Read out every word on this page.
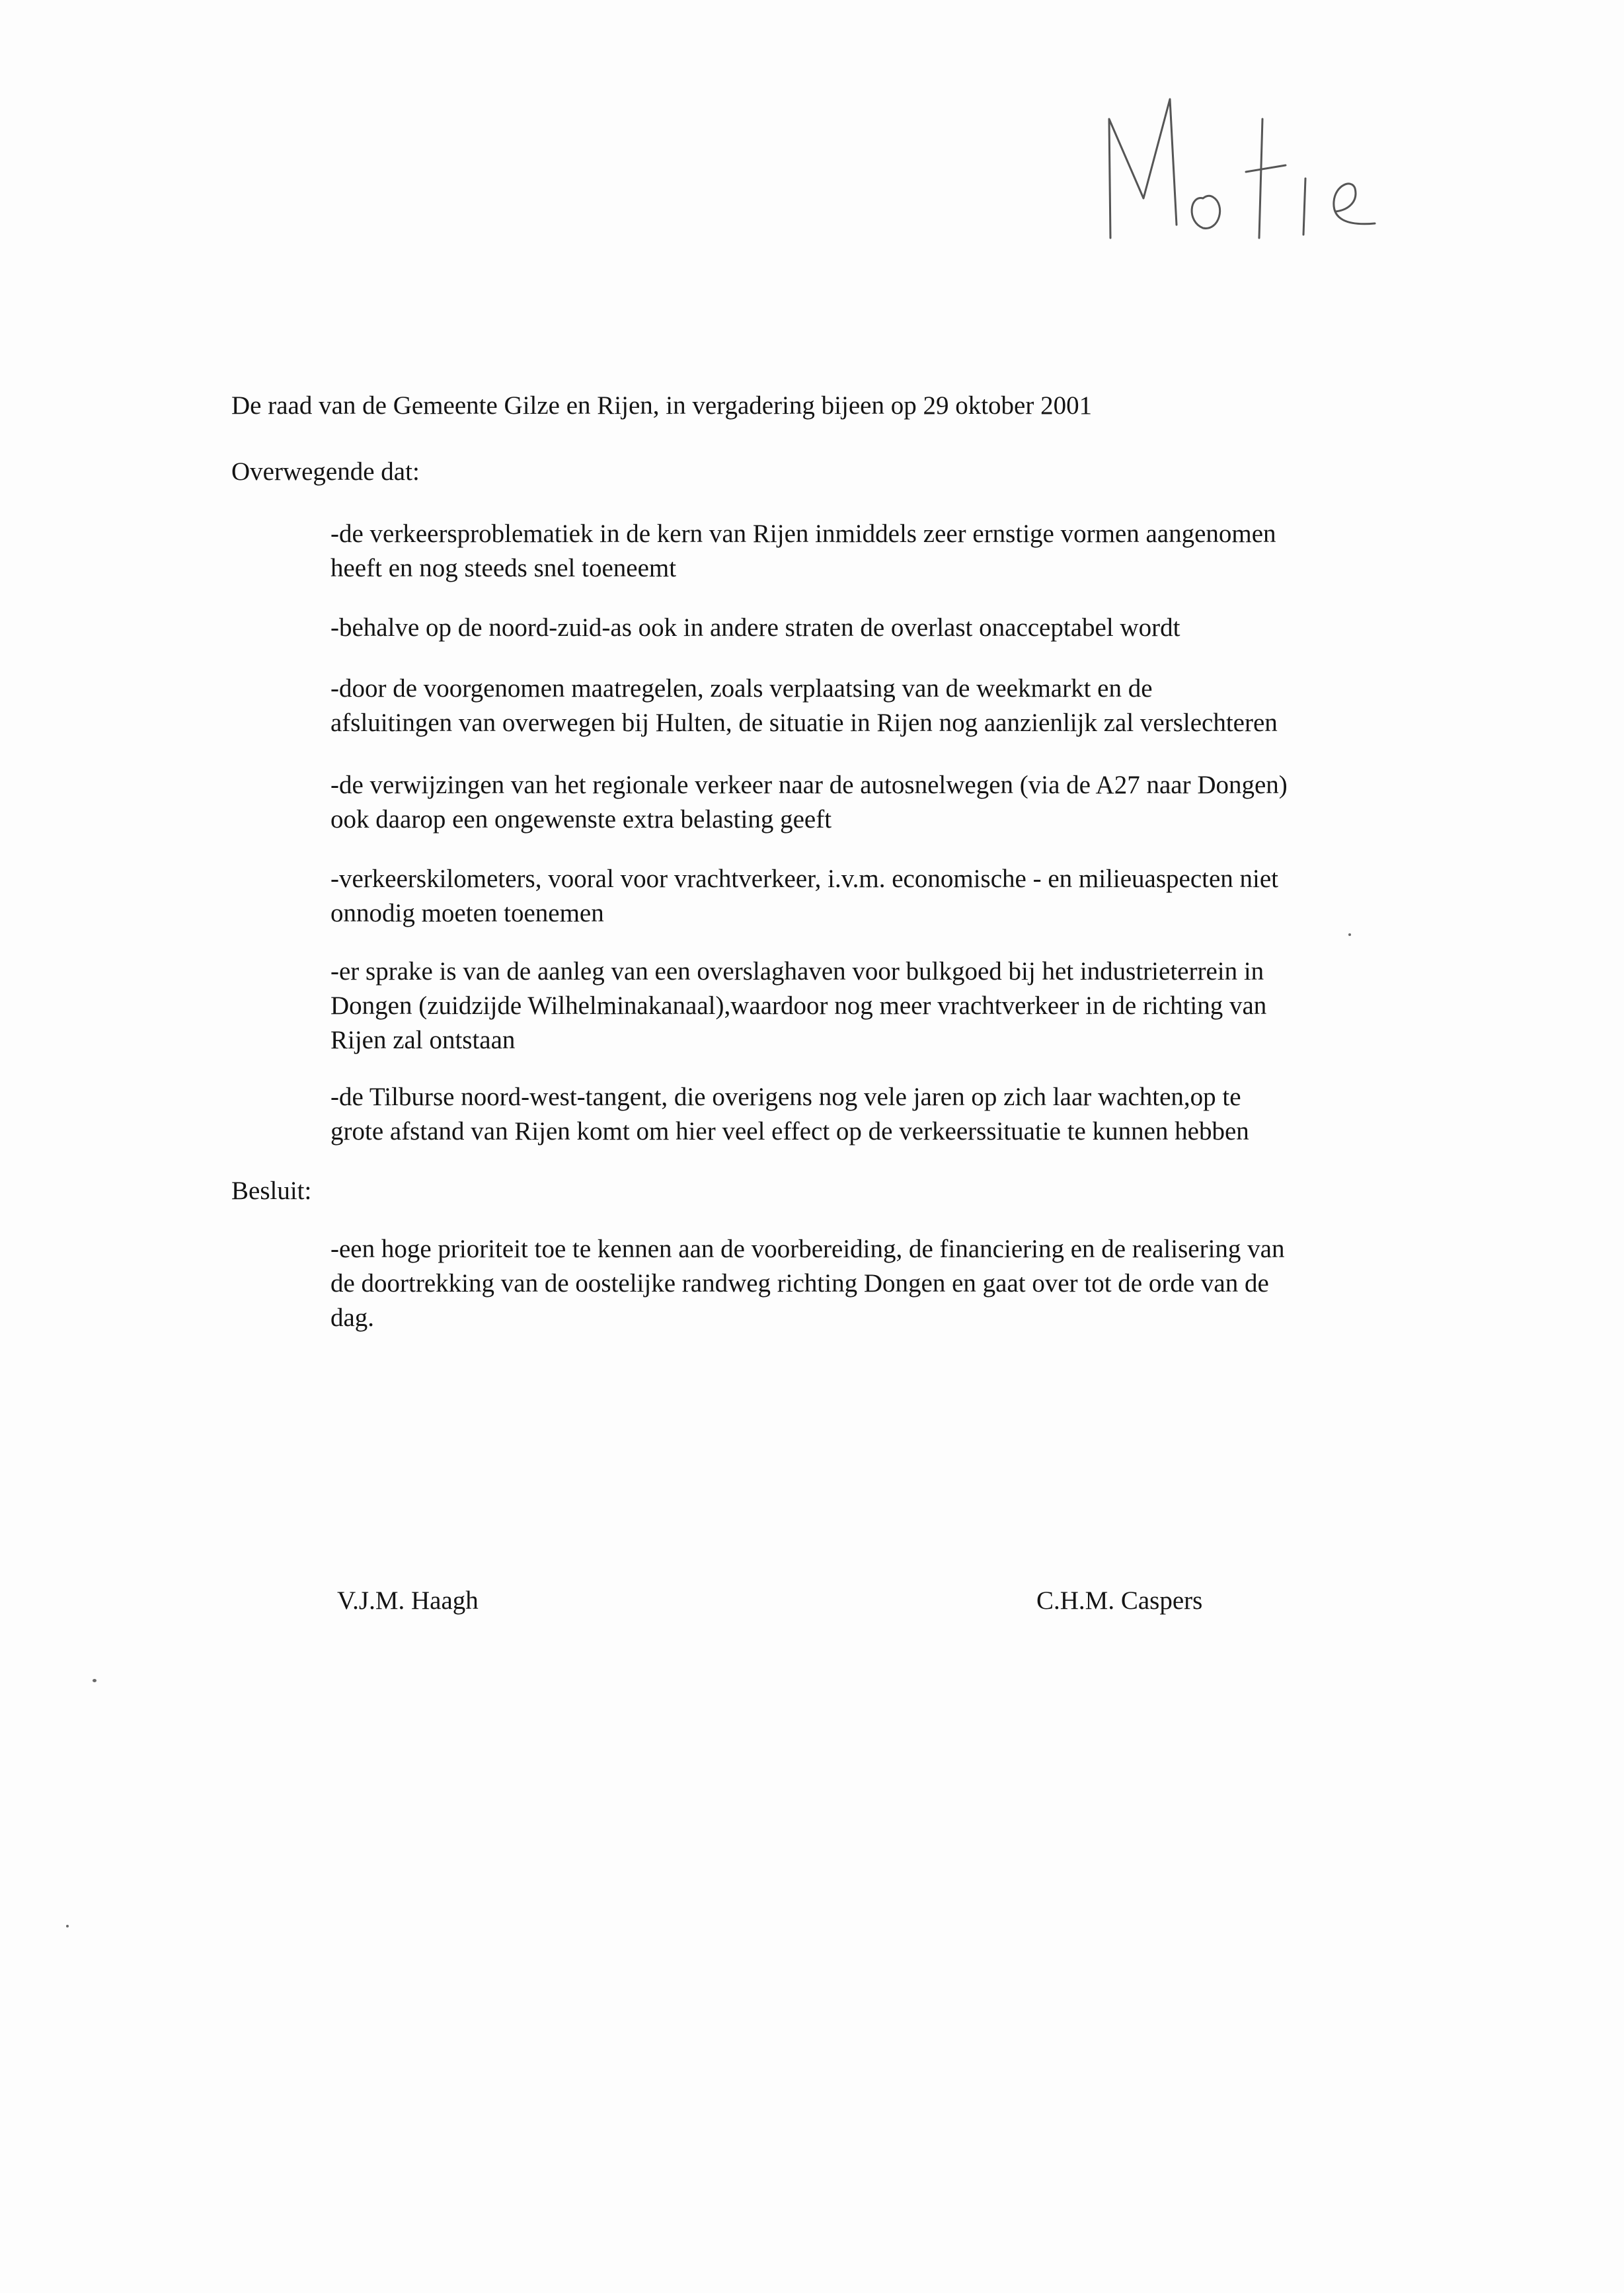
De raad van de Gemeente Gilze en Rijen, in vergadering bijeen op 29 oktober 2001
Overwegende dat:

-de verkeersproblematiek in de kern van Rijen inmiddels zeer ernstige vormen aangenomen

heeft en nog steeds snel toeneemt

-behalve op de noord-zuid-as ook in andere straten de overlast onacceptabel wordt

-door de voorgenomen maatregelen, zoals verplaatsing van de weekmarkt en de

afsluitingen van overwegen bij Hulten, de situatie in Rijen nog aanzienlijk zal verslechteren

-de verwijzingen van het regionale verkeer naar de autosnelwegen (via de A27 naar Dongen)

ook daarop een ongewenste extra belasting geeft

-verkeerskilometers, vooral voor vrachtverkeer, i.v.m. economische - en milieuaspecten niet

onnodig moeten toenemen

-er sprake is van de aanleg van een overslaghaven voor bulkgoed bij het industrieterrein in

Dongen (zuidzijde Wilhelminakanaal),waardoor nog meer vrachtverkeer in de richting van

Rijen zal ontstaan

-de Tilburse noord-west-tangent, die overigens nog vele jaren op zich laar wachten,op te

grote afstand van Rijen komt om hier veel effect op de verkeerssituatie te kunnen hebben

Besluit:

-een hoge prioriteit toe te kennen aan de voorbereiding, de financiering en de realisering van

de doortrekking van de oostelijke randweg richting Dongen en gaat over tot de orde van de

dag.

V.J.M. Haagh	C.H.M. Caspers
